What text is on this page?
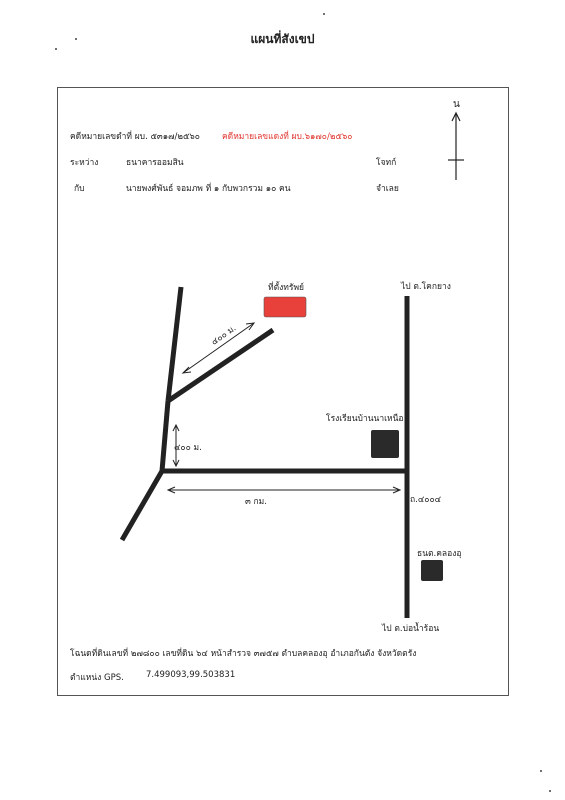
แผนที่สังเขป
คดีหมายเลขดำที่ ผบ. ๕๓๑๗/๒๕๖๐	คดีหมายเลขแดงที่ ผบ.๖๑๗๐/๒๕๖๐
ระหว่าง	ธนาคารออมสิน	โจทก์
กับ	นายพงศ์พันธ์ จอมภพ ที่ ๑ กับพวกรวม ๑๐ คน	จำเลย
น
ที่ตั้งทรัพย์	ไป ต.โคกยาง
โรงเรียนบ้านนาเหนือ
๔๐๐ ม.
๔๐๐ ม.
๓ กม.	ถ.๔๐๐๔
ธนต.คลองอุ
ไป ต.บ่อน้ำร้อน
โฉนดที่ดินเลขที่ ๒๗๘๐๐ เลขที่ดิน ๖๔ หน้าสำรวจ ๓๗๕๗ ตำบลคลองอุ อำเภอกันตัง จังหวัดตรัง
ตำแหน่ง GPS.	7.499093,99.503831
